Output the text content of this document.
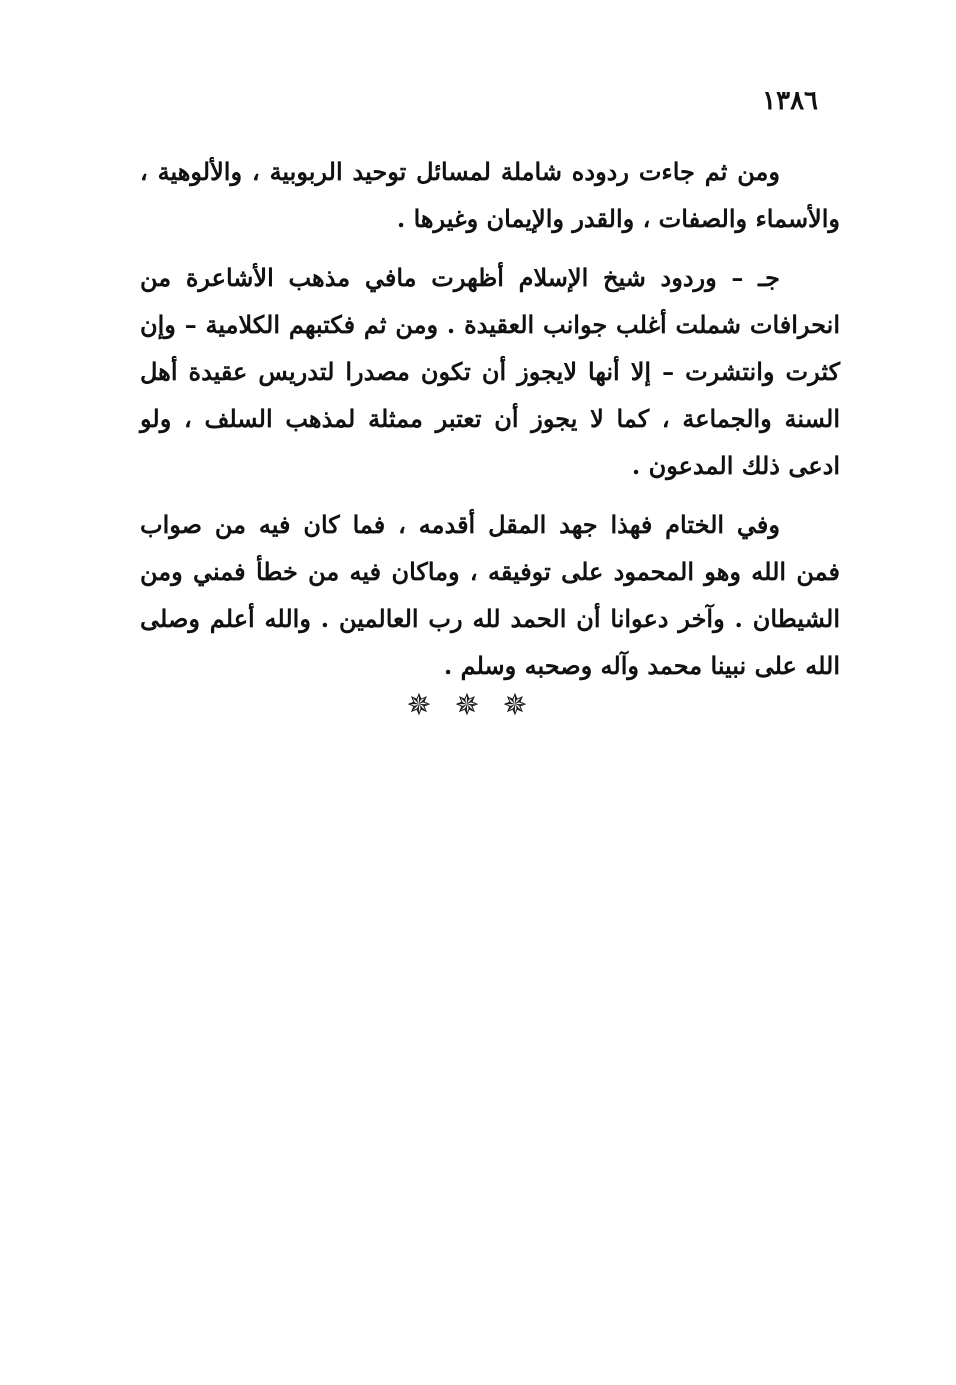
١٣٨٦

ومن ثم جاءت ردوده شاملة لمسائل توحيد الربوبية ، والألوهية ، والأسماء والصفات ، والقدر والإيمان وغيرها .

جـ – وردود شيخ الإسلام أظهرت مافي مذهب الأشاعرة من انحرافات شملت أغلب جوانب العقيدة . ومن ثم فكتبهم الكلامية – وإن كثرت وانتشرت – إلا أنها لايجوز أن تكون مصدرا لتدريس عقيدة أهل السنة والجماعة ، كما لا يجوز أن تعتبر ممثلة لمذهب السلف ، ولو ادعى ذلك المدعون .

وفي الختام فهذا جهد المقل أقدمه ، فما كان فيه من صواب فمن الله وهو المحمود على توفيقه ، وماكان فيه من خطأ فمني ومن الشيطان . وآخر دعوانا أن الحمد لله رب العالمين . والله أعلم وصلى الله على نبينا محمد وآله وصحبه وسلم .

✵✵✵
